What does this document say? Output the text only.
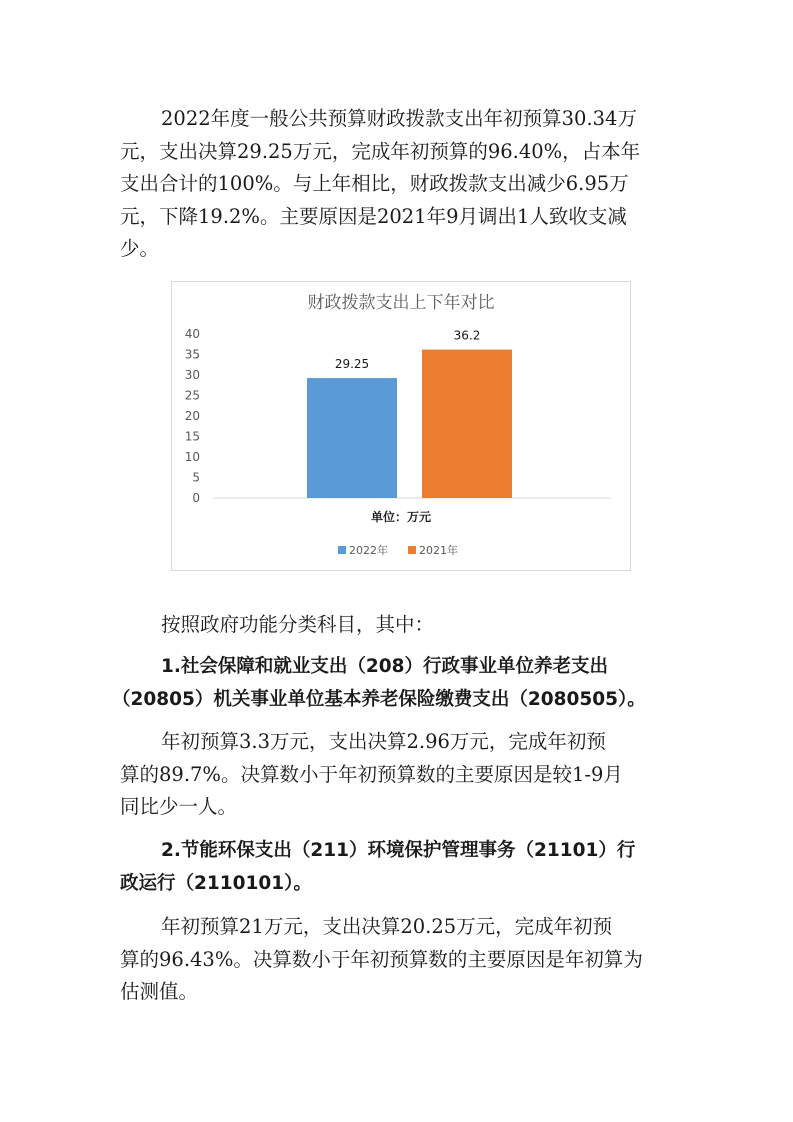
2022年度一般公共预算财政拨款支出年初预算30.34万
元，支出决算29.25万元，完成年初预算的96.40%，占本年
支出合计的100%。与上年相比，财政拨款支出减少6.95万
元，下降19.2%。主要原因是2021年9月调出1人致收支减
少。
财政拨款支出上下年对比
0
5
10
15
20
25
30
35
40
29.25
36.2
单位：万元
2022年	2021年
按照政府功能分类科目，其中：
1.社会保障和就业支出（208）行政事业单位养老支出
（20805）机关事业单位基本养老保险缴费支出（2080505）。
年初预算3.3万元，支出决算2.96万元，完成年初预
算的89.7%。决算数小于年初预算数的主要原因是较1-9月
同比少一人。
2.节能环保支出（211）环境保护管理事务（21101）行
政运行（2110101）。
年初预算21万元，支出决算20.25万元，完成年初预
算的96.43%。决算数小于年初预算数的主要原因是年初算为
估测值。
